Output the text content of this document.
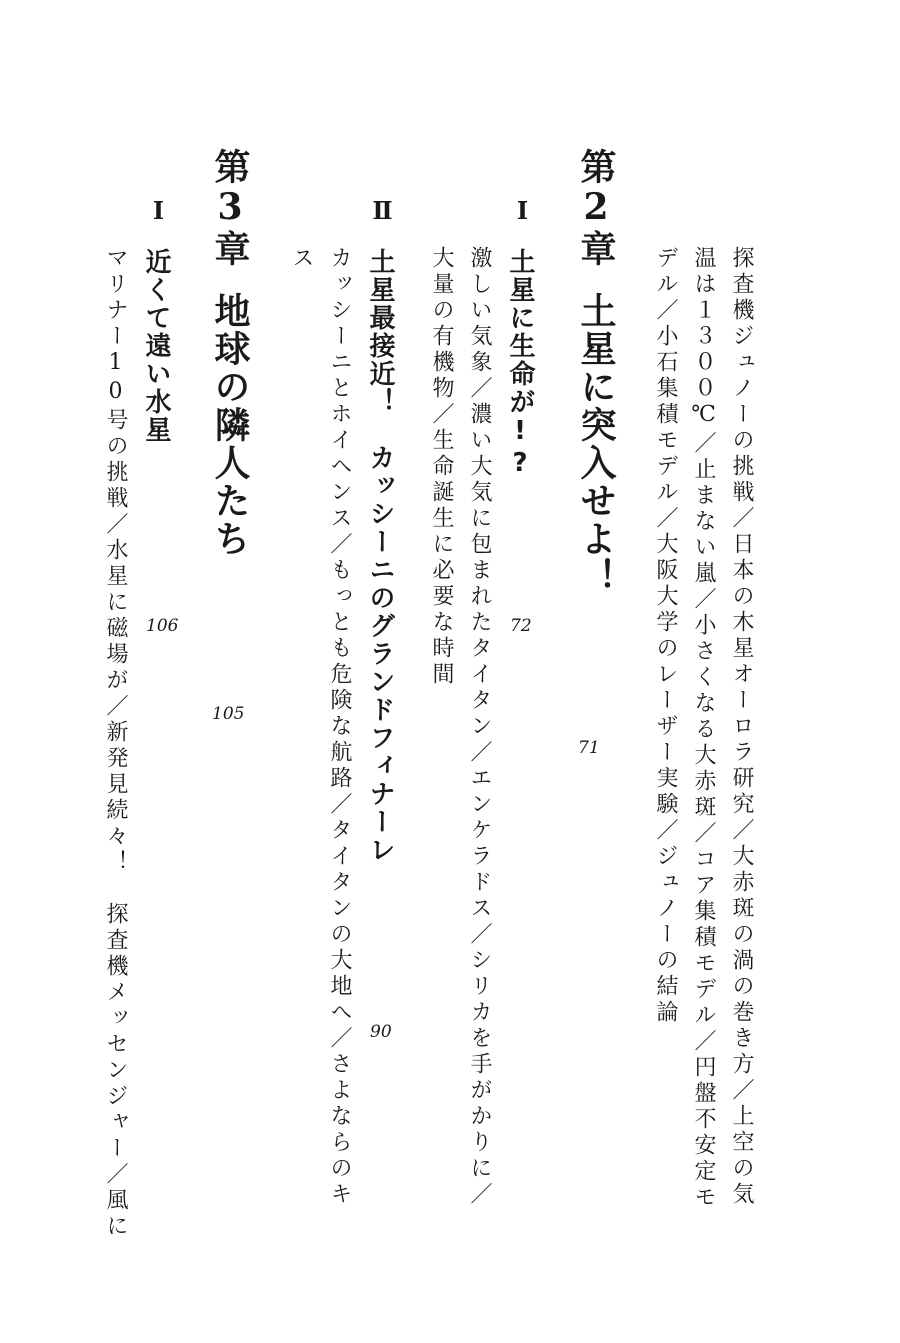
探査機ジュノーの挑戦／日本の木星オーロラ研究／大赤斑の渦の巻き方／上空の気
温は１３００℃／止まない嵐／小さくなる大赤斑／コア集積モデル／円盤不安定モ
デル／小石集積モデル／大阪大学のレーザー実験／ジュノーの結論
第2章
土星に突入せよ！
71
Ⅰ
土星に生命が!?
72
激しい気象／濃い大気に包まれたタイタン／エンケラドス／シリカを手がかりに／
大量の有機物／生命誕生に必要な時間
Ⅱ
土星最接近！　カッシーニのグランドフィナーレ
90
カッシーニとホイヘンス／もっとも危険な航路／タイタンの大地へ／さよならのキ
ス
第3章
地球の隣人たち
105
Ⅰ
近くて遠い水星
106
マリナー10号の挑戦／水星に磁場が／新発見続々！　探査機メッセンジャー／風に
